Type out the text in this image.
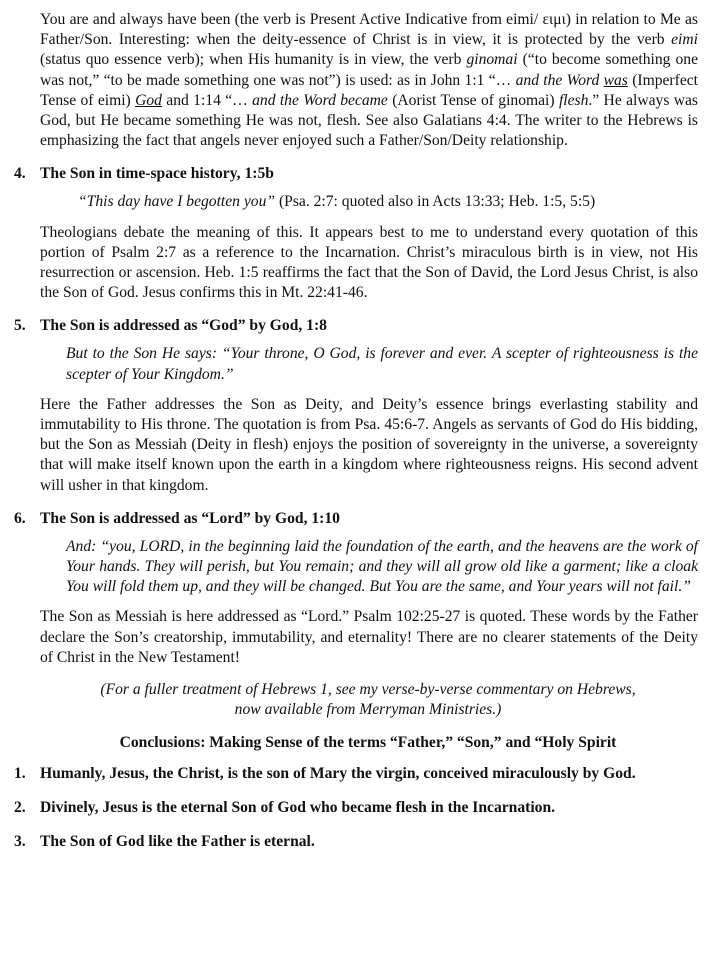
You are and always have been (the verb is Present Active Indicative from eimi/ ειμι) in relation to Me as Father/Son. Interesting: when the deity-essence of Christ is in view, it is protected by the verb eimi (status quo essence verb); when His humanity is in view, the verb ginomai (“to become something one was not,” “to be made something one was not”) is used: as in John 1:1 “… and the Word was (Imperfect Tense of eimi) God and 1:14 “… and the Word became (Aorist Tense of ginomai) flesh.” He always was God, but He became something He was not, flesh. See also Galatians 4:4. The writer to the Hebrews is emphasizing the fact that angels never enjoyed such a Father/Son/Deity relationship.

4. The Son in time-space history, 1:5b

“This day have I begotten you” (Psa. 2:7: quoted also in Acts 13:33; Heb. 1:5, 5:5)

Theologians debate the meaning of this. It appears best to me to understand every quotation of this portion of Psalm 2:7 as a reference to the Incarnation. Christ’s miraculous birth is in view, not His resurrection or ascension. Heb. 1:5 reaffirms the fact that the Son of David, the Lord Jesus Christ, is also the Son of God. Jesus confirms this in Mt. 22:41-46.

5. The Son is addressed as “God” by God, 1:8

But to the Son He says: “Your throne, O God, is forever and ever. A scepter of righteousness is the scepter of Your Kingdom.”

Here the Father addresses the Son as Deity, and Deity’s essence brings everlasting stability and immutability to His throne. The quotation is from Psa. 45:6-7. Angels as servants of God do His bidding, but the Son as Messiah (Deity in flesh) enjoys the position of sovereignty in the universe, a sovereignty that will make itself known upon the earth in a kingdom where righteousness reigns. His second advent will usher in that kingdom.

6. The Son is addressed as “Lord” by God, 1:10

And: “you, LORD, in the beginning laid the foundation of the earth, and the heavens are the work of Your hands. They will perish, but You remain; and they will all grow old like a garment; like a cloak You will fold them up, and they will be changed. But You are the same, and Your years will not fail.”

The Son as Messiah is here addressed as “Lord.” Psalm 102:25-27 is quoted. These words by the Father declare the Son’s creatorship, immutability, and eternality! There are no clearer statements of the Deity of Christ in the New Testament!

(For a fuller treatment of Hebrews 1, see my verse-by-verse commentary on Hebrews,
now available from Merryman Ministries.)

Conclusions: Making Sense of the terms “Father,” “Son,” and “Holy Spirit

1. Humanly, Jesus, the Christ, is the son of Mary the virgin, conceived miraculously by God.

2. Divinely, Jesus is the eternal Son of God who became flesh in the Incarnation.

3. The Son of God like the Father is eternal.
